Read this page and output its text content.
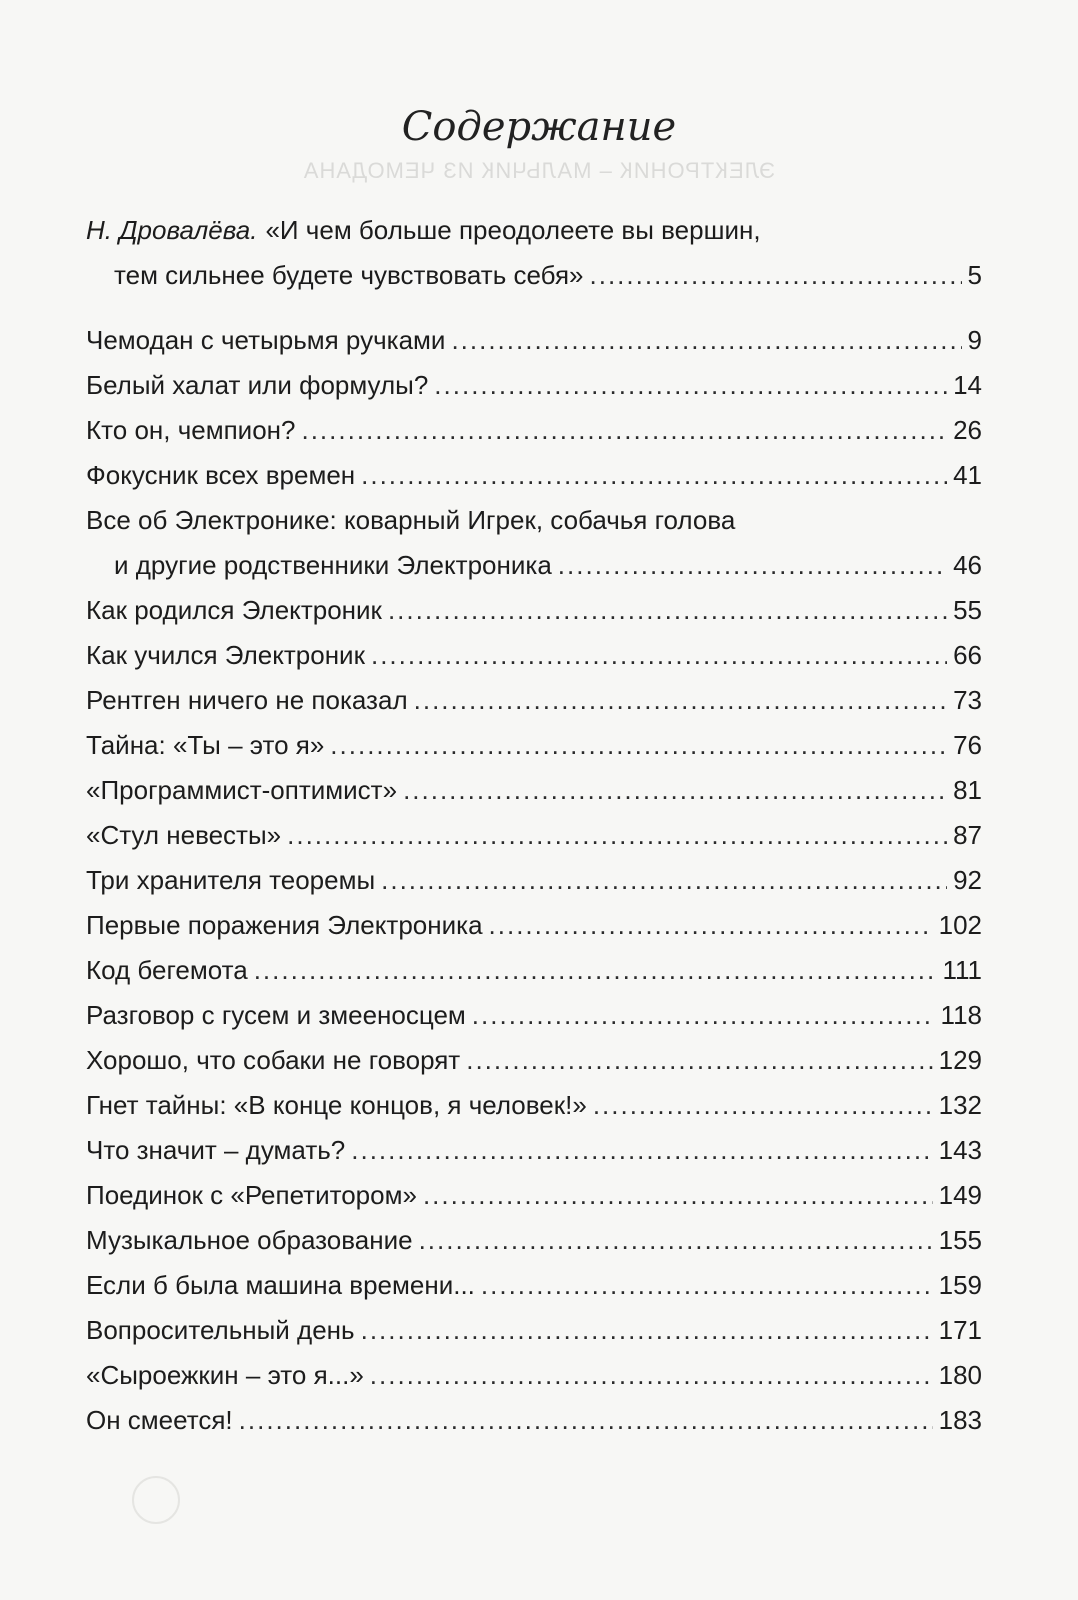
ЭЛЕКТРОНИК – МАЛЬЧИК ИЗ ЧЕМОДАНА
Содержание
Н. Дровалёва. «И чем больше преодолеете вы вершин,
тем сильнее будете чувствовать себя» .....	5
Чемодан с четырьмя ручками .....	9
Белый халат или формулы? .....	14
Кто он, чемпион? .....	26
Фокусник всех времен .....	41
Все об Электронике: коварный Игрек, собачья голова
и другие родственники Электроника .....	46
Как родился Электроник .....	55
Как учился Электроник .....	66
Рентген ничего не показал .....	73
Тайна: «Ты – это я» .....	76
«Программист-оптимист» .....	81
«Стул невесты» .....	87
Три хранителя теоремы .....	92
Первые поражения Электроника .....	102
Код бегемота .....	111
Разговор с гусем и змееносцем .....	118
Хорошо, что собаки не говорят .....	129
Гнет тайны: «В конце концов, я человек!» .....	132
Что значит – думать? .....	143
Поединок с «Репетитором» .....	149
Музыкальное образование .....	155
Если б была машина времени... .....	159
Вопросительный день .....	171
«Сыроежкин – это я...» .....	180
Он смеется! .....	183
